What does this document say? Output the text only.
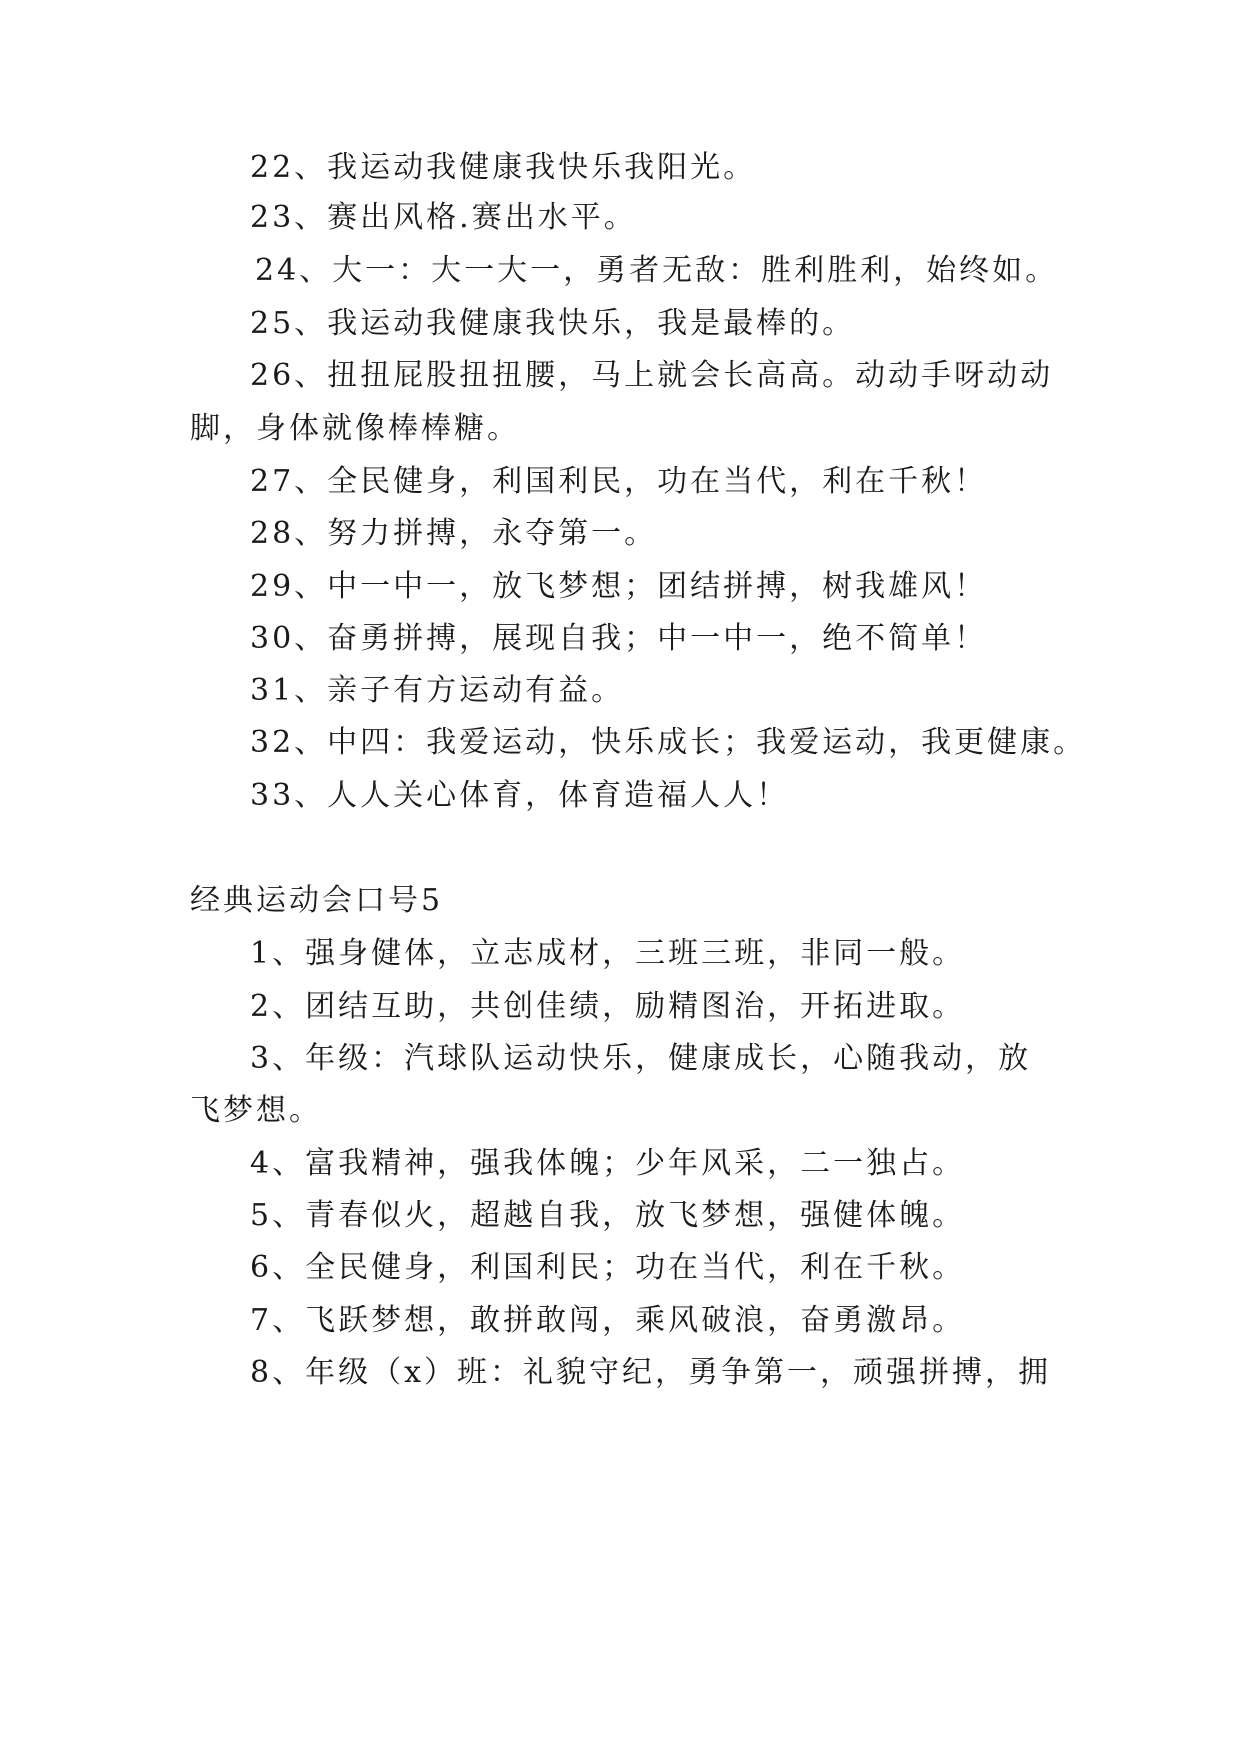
22、我运动我健康我快乐我阳光。
23、赛出风格.赛出水平。
24、大一：大一大一，勇者无敌：胜利胜利，始终如。
25、我运动我健康我快乐，我是最棒的。
26、扭扭屁股扭扭腰，马上就会长高高。动动手呀动动
脚，身体就像棒棒糖。
27、全民健身，利国利民，功在当代，利在千秋！
28、努力拼搏，永夺第一。
29、中一中一，放飞梦想；团结拼搏，树我雄风！
30、奋勇拼搏，展现自我；中一中一，绝不简单！
31、亲子有方运动有益。
32、中四：我爱运动，快乐成长；我爱运动，我更健康。
33、人人关心体育，体育造福人人！
经典运动会口号5
1、强身健体，立志成材，三班三班，非同一般。
2、团结互助，共创佳绩，励精图治，开拓进取。
3、年级：汽球队运动快乐，健康成长，心随我动，放
飞梦想。
4、富我精神，强我体魄；少年风采，二一独占。
5、青春似火，超越自我，放飞梦想，强健体魄。
6、全民健身，利国利民；功在当代，利在千秋。
7、飞跃梦想，敢拼敢闯，乘风破浪，奋勇激昂。
8、年级（x）班：礼貌守纪，勇争第一，顽强拼搏，拥
